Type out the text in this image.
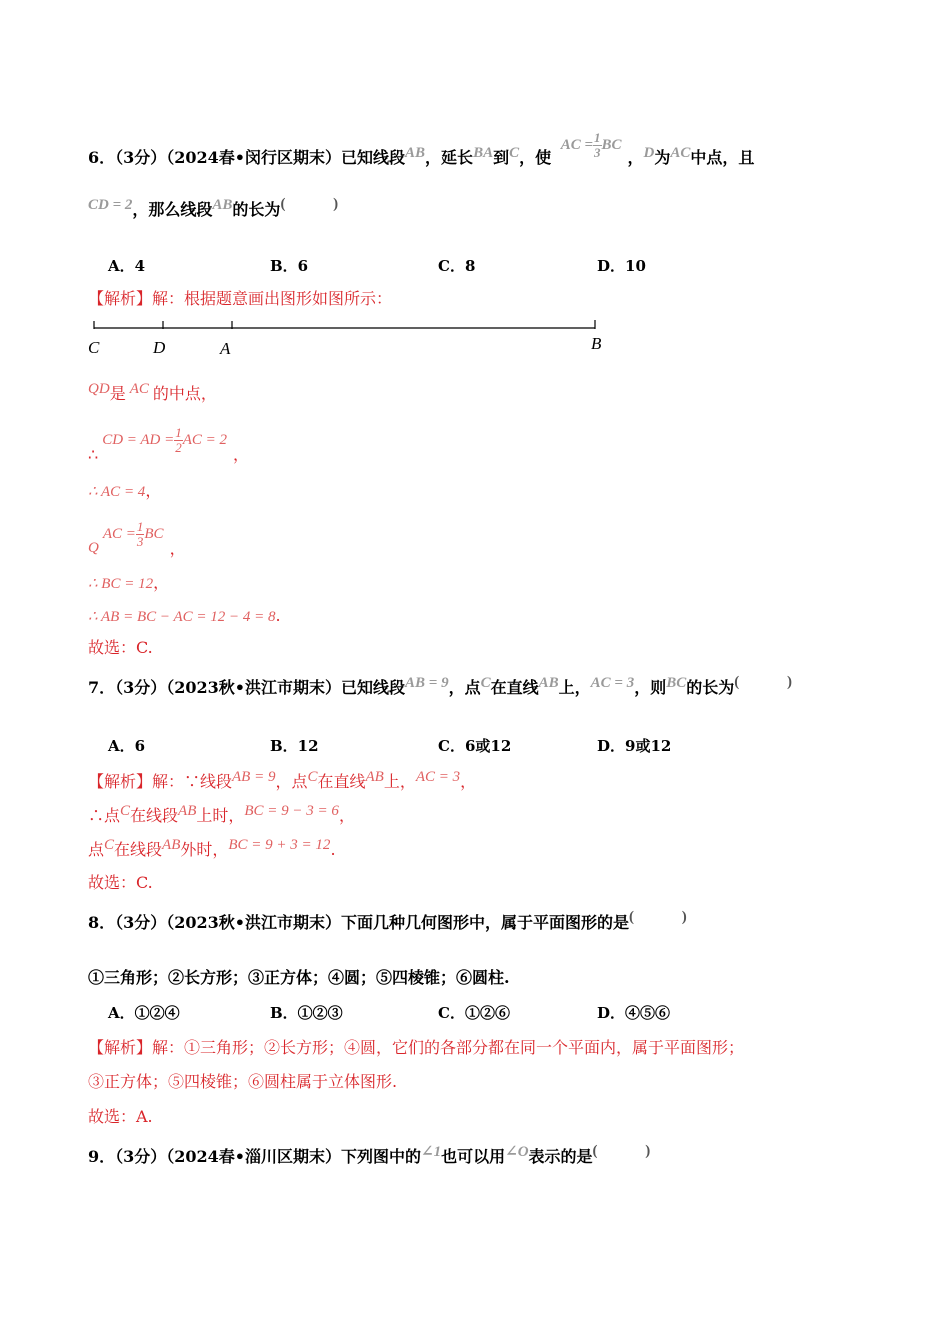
6．（3分）（2024春•闵行区期末）已知线段AB，延长BA到C，使 AC = $\frac{1}{3}$ BC，D为AC中点，且
CD = 2，那么线段AB的长为( )
A．4	B．6	C．8	D．10
【解析】解：根据题意画出图形如图所示：
C	D	A	B
QD是 AC 的中点，
∴CD = AD = $\frac{1}{2}$ AC = 2，
∴ AC = 4，
QAC = $\frac{1}{3}$ BC，
∴ BC = 12，
∴ AB = BC − AC = 12 − 4 = 8.
故选：C.
7．（3分）（2023秋•洪江市期末）已知线段AB = 9，点C在直线AB上，AC = 3，则BC的长为( )
A．6	B．12	C．6或12	D．9或12
【解析】解：∵线段AB = 9，点C在直线AB上，AC = 3，
∴点C在线段AB上时，BC = 9 − 3 = 6，
点C在线段AB外时，BC = 9 + 3 = 12.
故选：C.
8．（3分）（2023秋•洪江市期末）下面几种几何图形中，属于平面图形的是( )
①三角形；②长方形；③正方体；④圆；⑤四棱锥；⑥圆柱.
A．①②④	B．①②③	C．①②⑥	D．④⑤⑥
【解析】解：①三角形；②长方形；④圆，它们的各部分都在同一个平面内，属于平面图形；
③正方体；⑤四棱锥；⑥圆柱属于立体图形.
故选：A.
9．（3分）（2024春•淄川区期末）下列图中的∠1也可以用∠O表示的是( )
